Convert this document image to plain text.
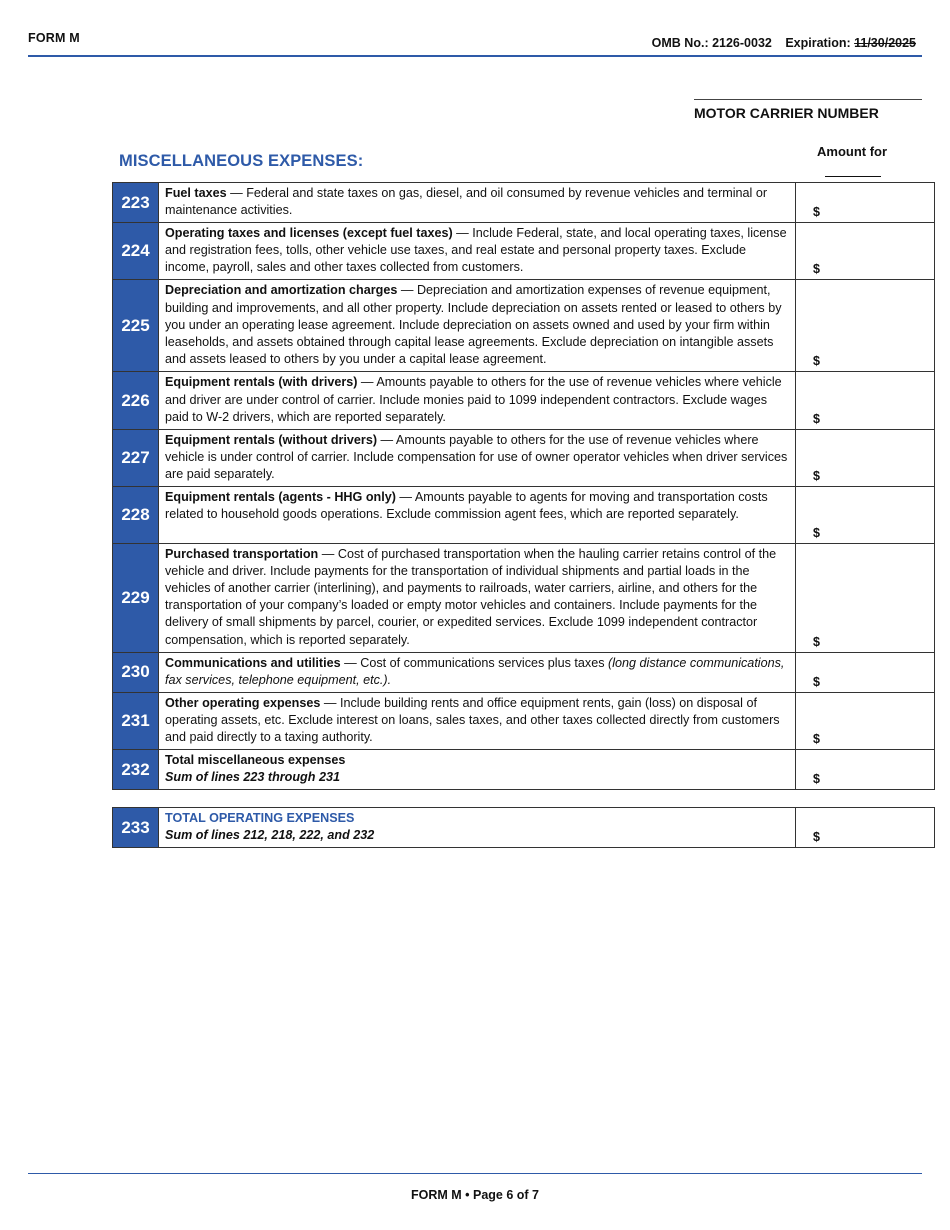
FORM M	OMB No.: 2126-0032 Expiration: 11/30/2025
MOTOR CARRIER NUMBER
MISCELLANEOUS EXPENSES:
Amount for
223	Fuel taxes — Federal and state taxes on gas, diesel, and oil consumed by revenue vehicles and terminal or maintenance activities.	$

224	Operating taxes and licenses (except fuel taxes) — Include Federal, state, and local operating taxes, license and registration fees, tolls, other vehicle use taxes, and real estate and personal property taxes. Exclude income, payroll, sales and other taxes collected from customers.	$

225	Depreciation and amortization charges — Depreciation and amortization expenses of revenue equipment, building and improvements, and all other property. Include depreciation on assets rented or leased to others by you under an operating lease agreement. Include depreciation on assets owned and used by your firm within leaseholds, and assets obtained through capital lease agreements. Exclude depreciation on intangible assets and assets leased to others by you under a capital lease agreement.	$

226	Equipment rentals (with drivers) — Amounts payable to others for the use of revenue vehicles where vehicle and driver are under control of carrier. Include monies paid to 1099 independent contractors. Exclude wages paid to W-2 drivers, which are reported separately.	$

227	Equipment rentals (without drivers) — Amounts payable to others for the use of revenue vehicles where vehicle is under control of carrier. Include compensation for use of owner operator vehicles when driver services are paid separately.	$

228	Equipment rentals (agents - HHG only) — Amounts payable to agents for moving and transportation costs related to household goods operations. Exclude commission agent fees, which are reported separately.	$

229	Purchased transportation — Cost of purchased transportation when the hauling carrier retains control of the vehicle and driver. Include payments for the transportation of individual shipments and partial loads in the vehicles of another carrier (interlining), and payments to railroads, water carriers, airline, and others for the transportation of your company’s loaded or empty motor vehicles and containers. Include payments for the delivery of small shipments by parcel, courier, or expedited services. Exclude 1099 independent contractor compensation, which is reported separately.	$

230	Communications and utilities — Cost of communications services plus taxes (long distance communications, fax services, telephone equipment, etc.).	$

231	Other operating expenses — Include building rents and office equipment rents, gain (loss) on disposal of operating assets, etc. Exclude interest on loans, sales taxes, and other taxes collected directly from customers and paid directly to a taxing authority.	$

232	Total miscellaneous expenses
Sum of lines 223 through 231	$
233	TOTAL OPERATING EXPENSES
Sum of lines 212, 218, 222, and 232	$
FORM M • Page 6 of 7
